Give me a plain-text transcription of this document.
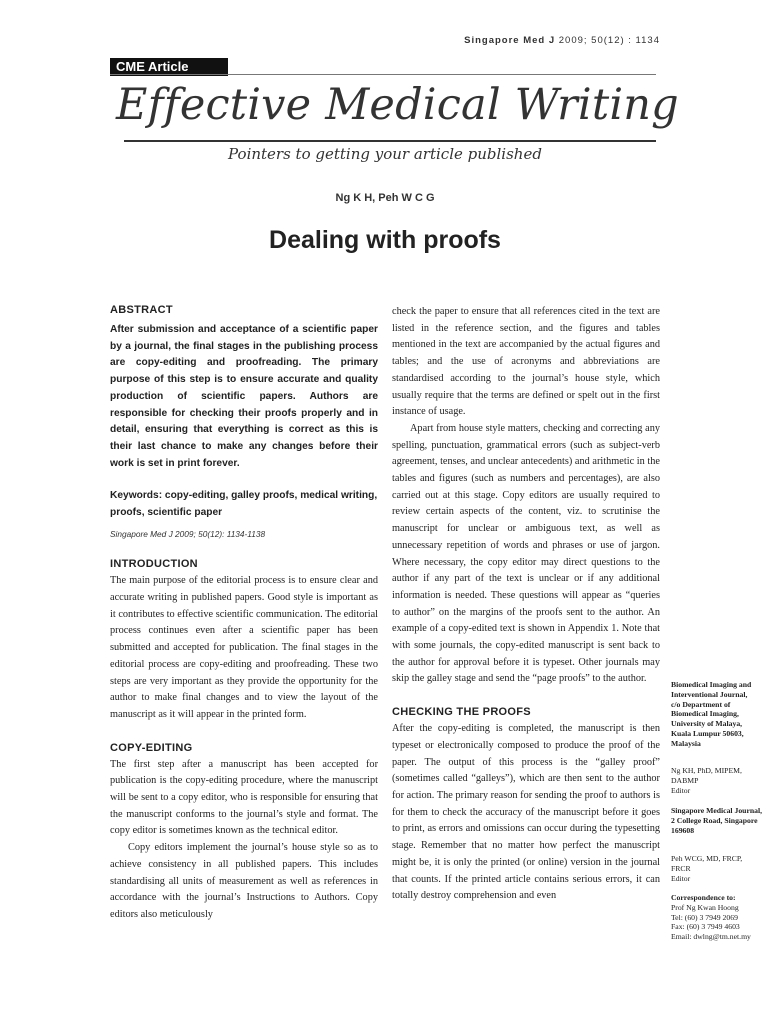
Singapore Med J 2009; 50(12) : 1134
CME Article
Effective Medical Writing
Pointers to getting your article published
Ng K H, Peh W C G
Dealing with proofs
ABSTRACT

After submission and acceptance of a scientific paper by a journal, the final stages in the publishing process are copy-editing and proofreading. The primary purpose of this step is to ensure accurate and quality production of scientific papers. Authors are responsible for checking their proofs properly and in detail, ensuring that everything is correct as this is their last chance to make any changes before their work is set in print forever.

Keywords: copy-editing, galley proofs, medical writing, proofs, scientific paper

Singapore Med J 2009; 50(12): 1134-1138

INTRODUCTION

The main purpose of the editorial process is to ensure clear and accurate writing in published papers. Good style is important as it contributes to effective scientific communication. The editorial process continues even after a scientific paper has been submitted and accepted for publication. The final stages in the editorial process are copy-editing and proofreading. These two steps are very important as they provide the opportunity for the author to make final changes and to view the layout of the manuscript as it will appear in the printed form.

COPY-EDITING

The first step after a manuscript has been accepted for publication is the copy-editing procedure, where the manuscript will be sent to a copy editor, who is responsible for ensuring that the manuscript conforms to the journal’s style and format. The copy editor is sometimes known as the technical editor.

Copy editors implement the journal’s house style so as to achieve consistency in all published papers. This includes standardising all units of measurement as well as references in accordance with the journal’s Instructions to Authors. Copy editors also meticulously

check the paper to ensure that all references cited in the text are listed in the reference section, and the figures and tables mentioned in the text are accompanied by the actual figures and tables; and the use of acronyms and abbreviations are standardised according to the journal’s house style, which usually require that the terms are defined or spelt out in the first instance of usage.

Apart from house style matters, checking and correcting any spelling, punctuation, grammatical errors (such as subject-verb agreement, tenses, and unclear antecedents) and arithmetic in the tables and figures (such as numbers and percentages), are also carried out at this stage. Copy editors are usually required to review certain aspects of the content, viz. to scrutinise the manuscript for unclear or ambiguous text, as well as unnecessary repetition of words and phrases or use of jargon. Where necessary, the copy editor may direct questions to the author if any part of the text is unclear or if any additional information is needed. These questions will appear as “queries to author” on the margins of the proofs sent to the author. An example of a copy-edited text is shown in Appendix 1. Note that with some journals, the copy-edited manuscript is sent back to the author for approval before it is typeset. Other journals may skip the galley stage and send the “page proofs” to the author.

CHECKING THE PROOFS

After the copy-editing is completed, the manuscript is then typeset or electronically composed to produce the proof of the paper. The output of this process is the “galley proof” (sometimes called “galleys”), which are then sent to the author for action. The primary reason for sending the proof to authors is for them to check the accuracy of the manuscript before it goes to print, as errors and omissions can occur during the typesetting stage. Remember that no matter how perfect the manuscript might be, it is only the printed (or online) version in the journal that counts. If the printed article contains serious errors, it can totally destroy comprehension and even

Biomedical Imaging and Interventional Journal,
c/o Department of Biomedical Imaging, University of Malaya, Kuala Lumpur 50603, Malaysia
Ng KH, PhD, MIPEM, DABMP
Editor
Singapore Medical Journal,
2 College Road, Singapore 169608
Peh WCG, MD, FRCP, FRCR
Editor
Correspondence to:
Prof Ng Kwan Hoong
Tel: (60) 3 7949 2069
Fax: (60) 3 7949 4603
Email: dwlng@tm.net.my
